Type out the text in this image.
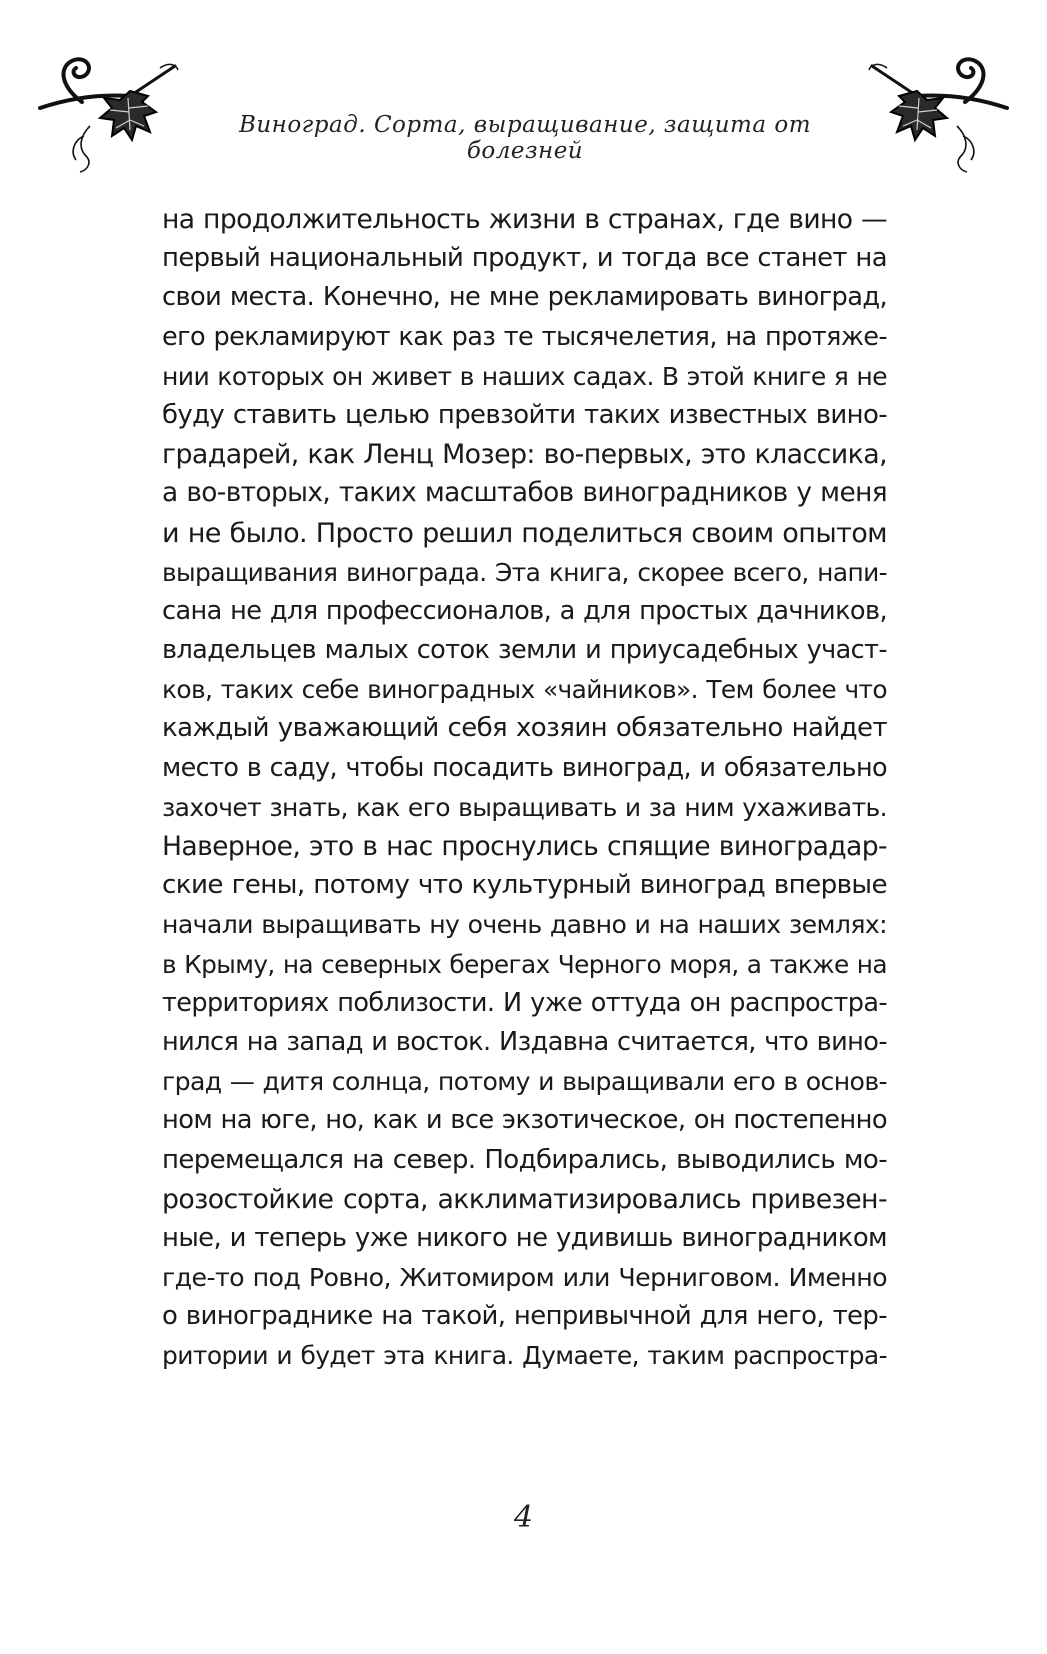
Виноград. Сорта, выращивание, защита от болезней
на продолжительность жизни в странах, где вино —
первый национальный продукт, и тогда все станет на
свои места. Конечно, не мне рекламировать виноград,
его рекламируют как раз те тысячелетия, на протяже-
нии которых он живет в наших садах. В этой книге я не
буду ставить целью превзойти таких известных вино-
градарей, как Ленц Мозер: во-первых, это классика,
а во-вторых, таких масштабов виноградников у меня
и не было. Просто решил поделиться своим опытом
выращивания винограда. Эта книга, скорее всего, напи-
сана не для профессионалов, а для простых дачников,
владельцев малых соток земли и приусадебных участ-
ков, таких себе виноградных «чайников». Тем более что
каждый уважающий себя хозяин обязательно найдет
место в саду, чтобы посадить виноград, и обязательно
захочет знать, как его выращивать и за ним ухаживать.
Наверное, это в нас проснулись спящие виноградар-
ские гены, потому что культурный виноград впервые
начали выращивать ну очень давно и на наших землях:
в Крыму, на северных берегах Черного моря, а также на
территориях поблизости. И уже оттуда он распростра-
нился на запад и восток. Издавна считается, что вино-
град — дитя солнца, потому и выращивали его в основ-
ном на юге, но, как и все экзотическое, он постепенно
перемещался на север. Подбирались, выводились мо-
розостойкие сорта, акклиматизировались привезен-
ные, и теперь уже никого не удивишь виноградником
где-то под Ровно, Житомиром или Черниговом. Именно
о винограднике на такой, непривычной для него, тер-
ритории и будет эта книга. Думаете, таким распростра-
4
